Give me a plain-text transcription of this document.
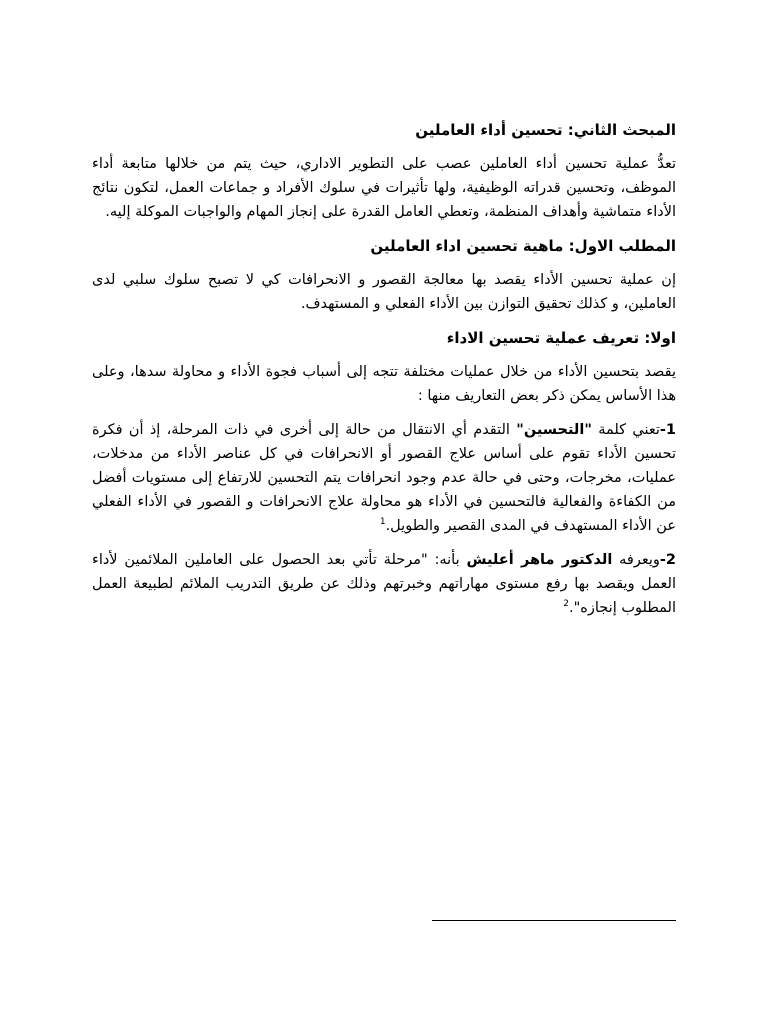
المبحث الثاني: تحسين أداء العاملين

تعدُّ عملية تحسين أداء العاملين عصب على التطوير الاداري، حيث يتم من خلالها متابعة أداء الموظف، وتحسين قدراته الوظيفية، ولها تأثيرات في سلوك الأفراد و جماعات العمل، لتكون نتائج الأداء متماشية وأهداف المنظمة، وتعطي العامل القدرة على إنجاز المهام والواجبات الموكلة إليه.

المطلب الاول: ماهية تحسين اداء العاملين

إن عملية تحسين الأداء يقصد بها معالجة القصور و الانحرافات كي لا تصبح سلوك سلبي لدى العاملين، و كذلك تحقيق التوازن بين الأداء الفعلي و المستهدف.

اولا: تعريف عملية تحسين الاداء

يقصد بتحسين الأداء من خلال عمليات مختلفة تتجه إلى أسباب فجوة الأداء و محاولة سدها، وعلى هذا الأساس يمكن ذكر بعض التعاريف منها :

1-تعني كلمة "التحسين" التقدم أي الانتقال من حالة إلى أخرى في ذات المرحلة، إذ أن فكرة تحسين الأداء تقوم على أساس علاج القصور أو الانحرافات في كل عناصر الأداء من مدخلات، عمليات، مخرجات، وحتى في حالة عدم وجود انحرافات يتم التحسين للارتفاع إلى مستويات أفضل من الكفاءة والفعالية فالتحسين في الأداء هو محاولة علاج الانحرافات و القصور في الأداء الفعلي عن الأداء المستهدف في المدى القصير والطويل.$^1$

2-ويعرفه الدكتور ماهر أعليش بأنه: "مرحلة تأتي بعد الحصول على العاملين الملائمين لأداء العمل ويقصد بها رفع مستوى مهاراتهم وخبرتهم وذلك عن طريق التدريب الملائم لطبيعة العمل المطلوب إنجازه".$^2$
